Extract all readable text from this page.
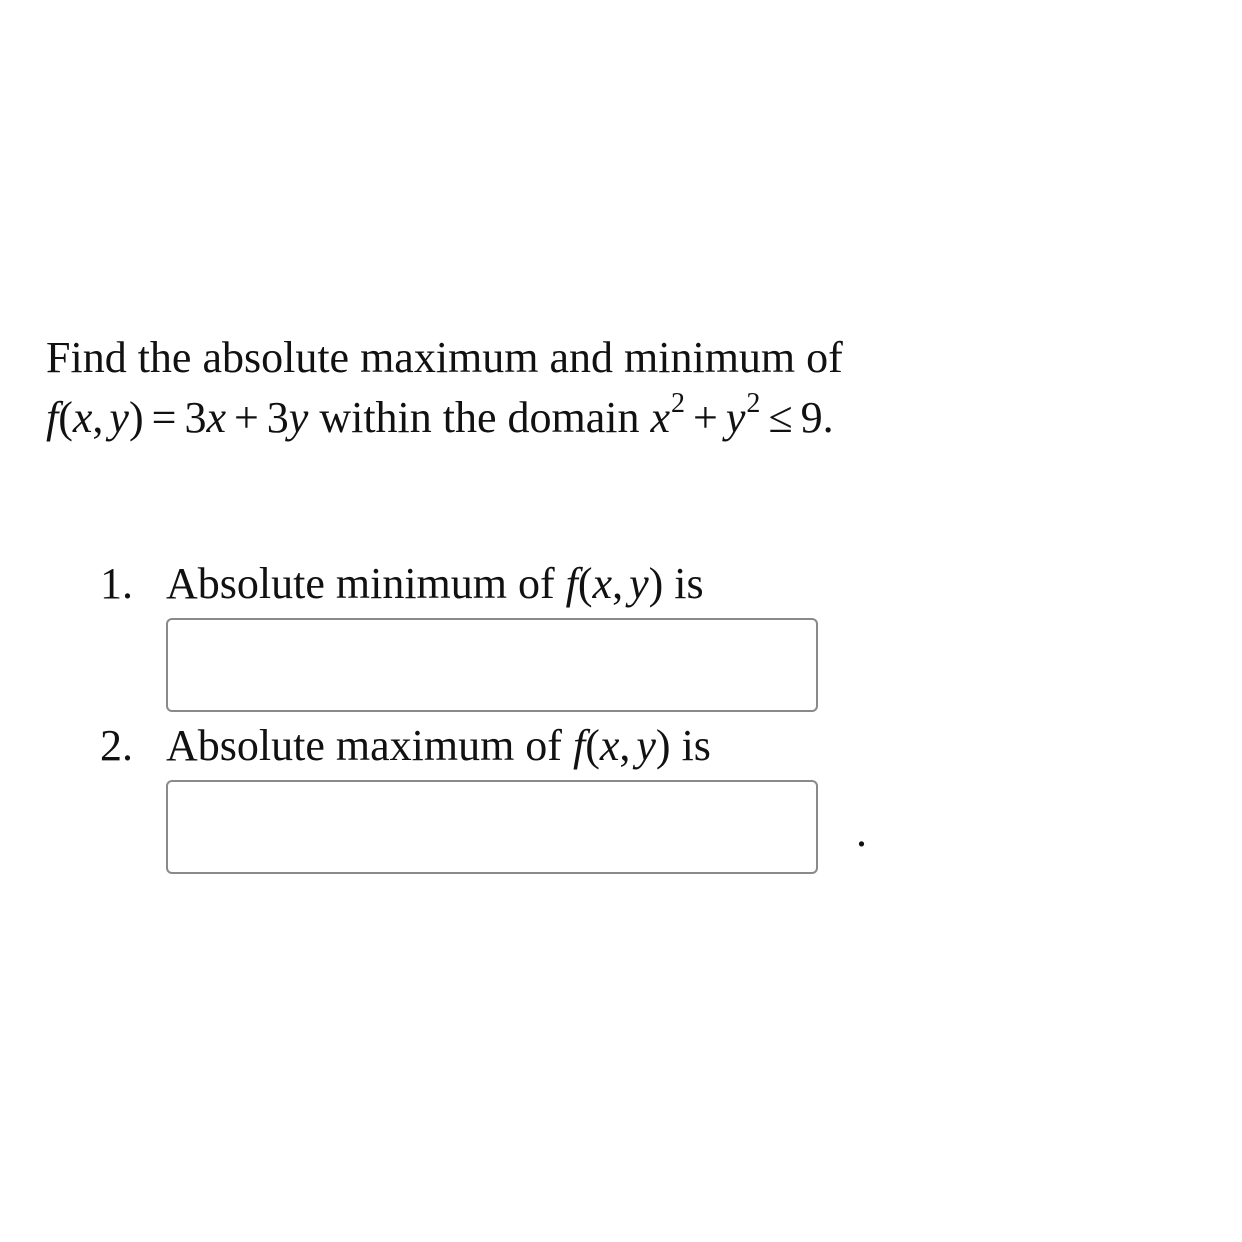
Find the absolute maximum and minimum of
f(x, y) = 3x + 3y within the domain $x^2 + y^2 \le 9$.
1. Absolute minimum of f(x, y) is
2. Absolute maximum of f(x, y) is
.
